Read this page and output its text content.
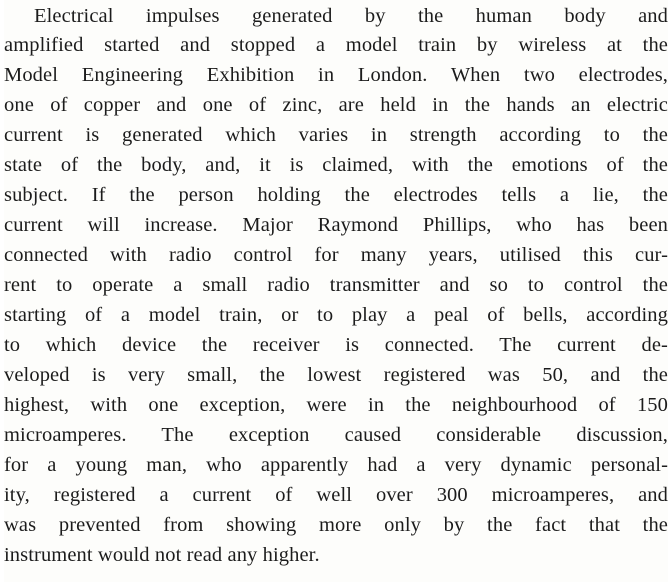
Electrical impulses generated by the human body and
amplified started and stopped a model train by wireless at the
Model Engineering Exhibition in London. When two electrodes,
one of copper and one of zinc, are held in the hands an electric
current is generated which varies in strength according to the
state of the body, and, it is claimed, with the emotions of the
subject. If the person holding the electrodes tells a lie, the
current will increase. Major Raymond Phillips, who has been
connected with radio control for many years, utilised this cur-
rent to operate a small radio transmitter and so to control the
starting of a model train, or to play a peal of bells, according
to which device the receiver is connected. The current de-
veloped is very small, the lowest registered was 50, and the
highest, with one exception, were in the neighbourhood of 150
microamperes. The exception caused considerable discussion,
for a young man, who apparently had a very dynamic personal-
ity, registered a current of well over 300 microamperes, and
was prevented from showing more only by the fact that the
instrument would not read any higher.
